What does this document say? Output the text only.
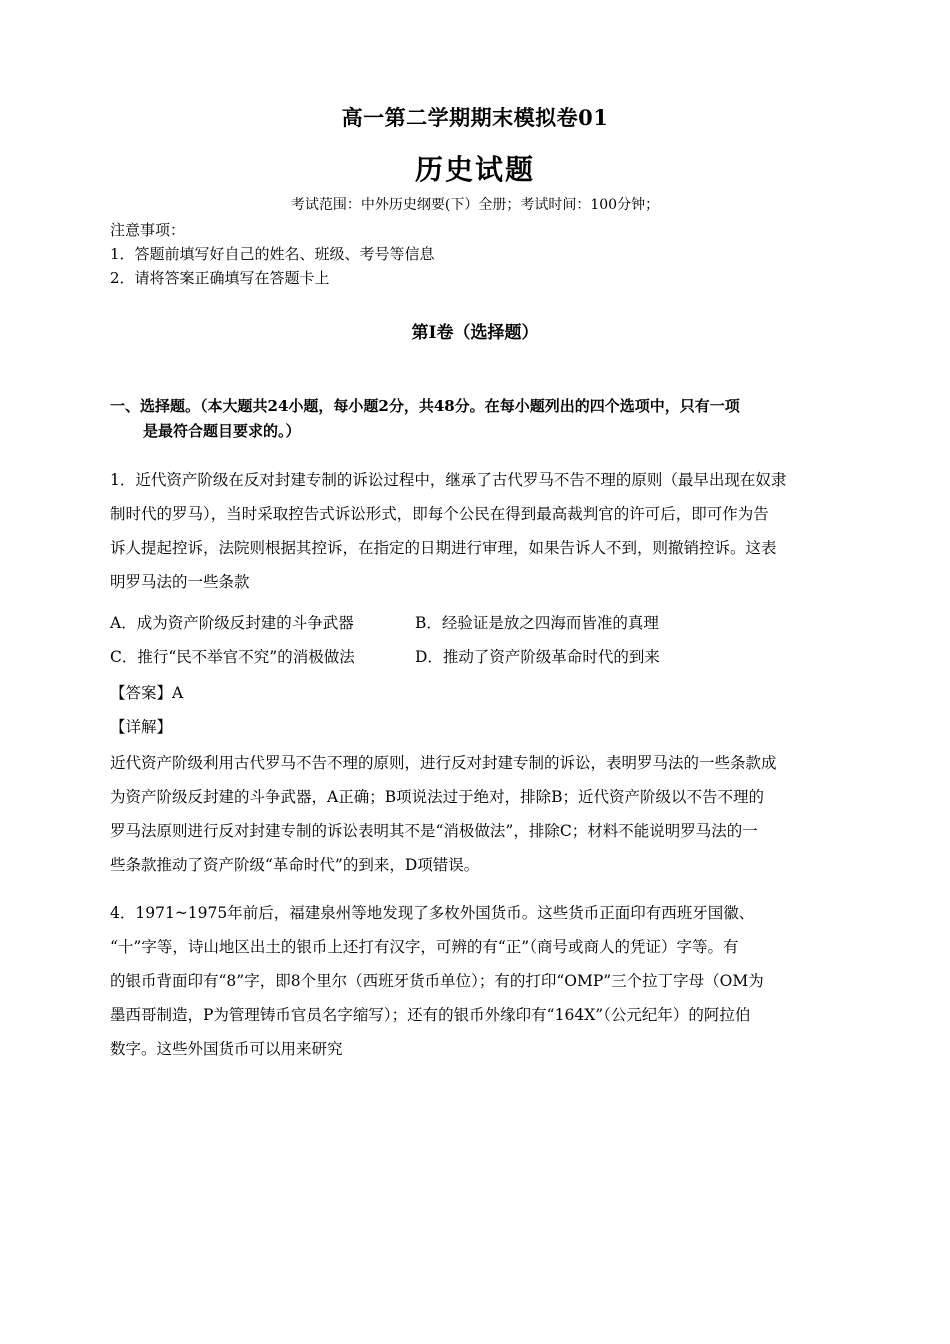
高一第二学期期末模拟卷01
历史试题
考试范围：中外历史纲要(下）全册；考试时间：100分钟；
注意事项：
1．答题前填写好自己的姓名、班级、考号等信息
2．请将答案正确填写在答题卡上
第I卷（选择题）
一、选择题。（本大题共24小题，每小题2分，共48分。在每小题列出的四个选项中，只有一项
是最符合题目要求的。）
1．近代资产阶级在反对封建专制的诉讼过程中，继承了古代罗马不告不理的原则（最早出现在奴隶
制时代的罗马），当时采取控告式诉讼形式，即每个公民在得到最高裁判官的许可后，即可作为告
诉人提起控诉，法院则根据其控诉，在指定的日期进行审理，如果告诉人不到，则撤销控诉。这表
明罗马法的一些条款
A．成为资产阶级反封建的斗争武器	B．经验证是放之四海而皆准的真理
C．推行“民不举官不究”的消极做法	D．推动了资产阶级革命时代的到来
【答案】A
【详解】
近代资产阶级利用古代罗马不告不理的原则，进行反对封建专制的诉讼，表明罗马法的一些条款成
为资产阶级反封建的斗争武器，A正确；B项说法过于绝对，排除B；近代资产阶级以不告不理的
罗马法原则进行反对封建专制的诉讼表明其不是“消极做法”，排除C；材料不能说明罗马法的一
些条款推动了资产阶级“革命时代”的到来，D项错误。
4．1971~1975年前后，福建泉州等地发现了多枚外国货币。这些货币正面印有西班牙国徽、
“十”字等，诗山地区出土的银币上还打有汉字，可辨的有“正”（商号或商人的凭证）字等。有
的银币背面印有“8”字，即8个里尔（西班牙货币单位）；有的打印“OMP”三个拉丁字母（OM为
墨西哥制造，P为管理铸币官员名字缩写）；还有的银币外缘印有“164X”（公元纪年）的阿拉伯
数字。这些外国货币可以用来研究
